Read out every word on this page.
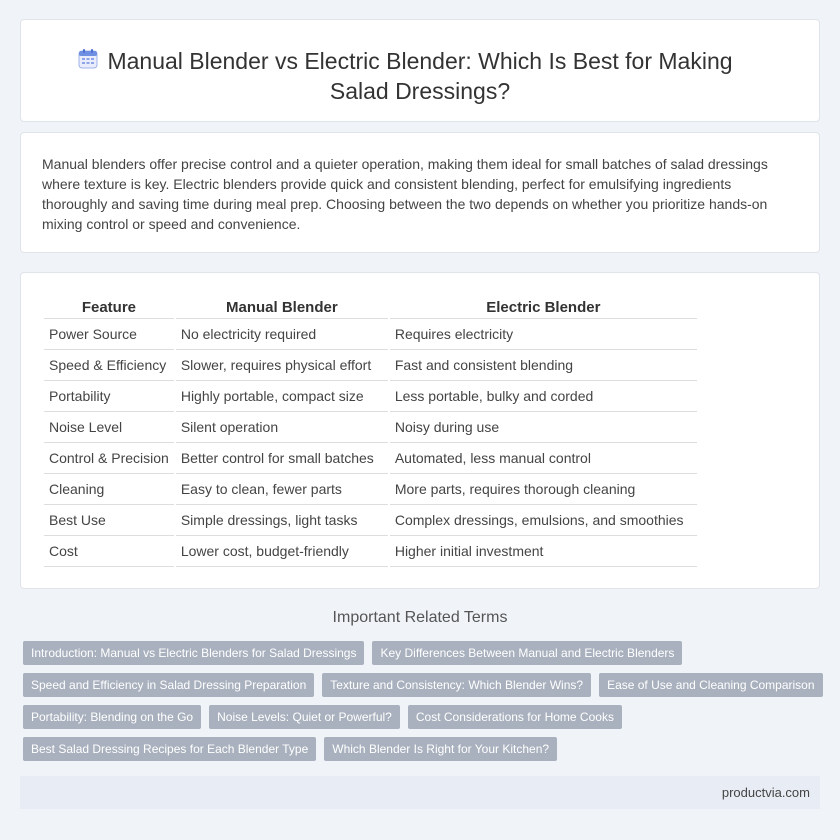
Manual Blender vs Electric Blender: Which Is Best for Making Salad Dressings?

Manual blenders offer precise control and a quieter operation, making them ideal for small batches of salad dressings where texture is key. Electric blenders provide quick and consistent blending, perfect for emulsifying ingredients thoroughly and saving time during meal prep. Choosing between the two depends on whether you prioritize hands-on mixing control or speed and convenience.

Feature	Manual Blender	Electric Blender
Power Source	No electricity required	Requires electricity
Speed & Efficiency	Slower, requires physical effort	Fast and consistent blending
Portability	Highly portable, compact size	Less portable, bulky and corded
Noise Level	Silent operation	Noisy during use
Control & Precision	Better control for small batches	Automated, less manual control
Cleaning	Easy to clean, fewer parts	More parts, requires thorough cleaning
Best Use	Simple dressings, light tasks	Complex dressings, emulsions, and smoothies
Cost	Lower cost, budget-friendly	Higher initial investment
Important Related Terms
Introduction: Manual vs Electric Blenders for Salad Dressings	Key Differences Between Manual and Electric Blenders
Speed and Efficiency in Salad Dressing Preparation	Texture and Consistency: Which Blender Wins?	Ease of Use and Cleaning Comparison
Portability: Blending on the Go	Noise Levels: Quiet or Powerful?	Cost Considerations for Home Cooks
Best Salad Dressing Recipes for Each Blender Type	Which Blender Is Right for Your Kitchen?
productvia.com
